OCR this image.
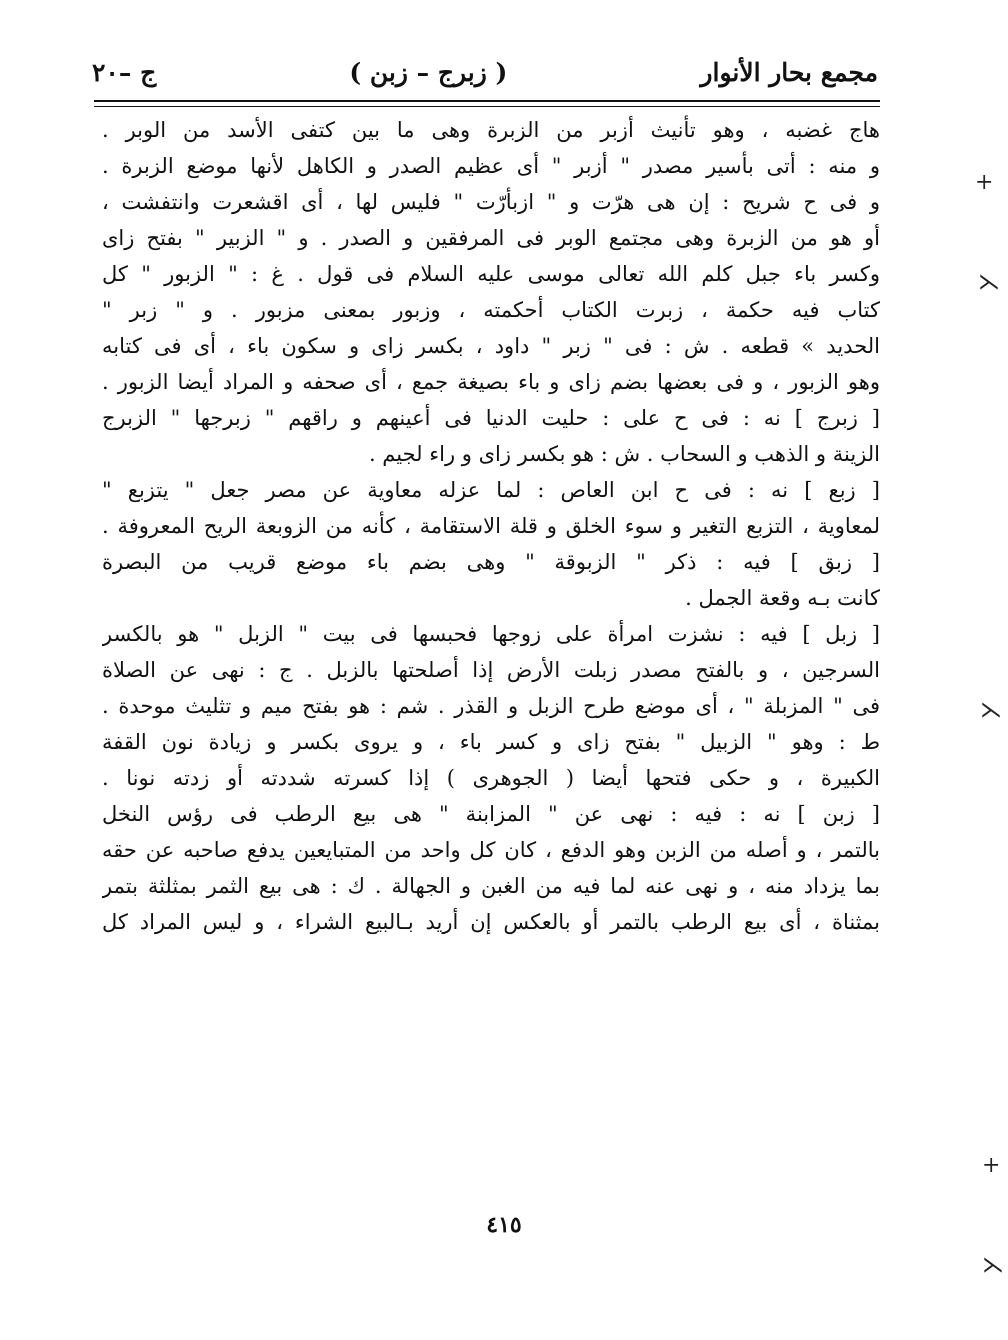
مجمع بحار الأنوار
( زبرج – زبن )
ج –٢٠
هاج غضبه ، وهو تأنيث أزبر من الزبرة وهى ما بين كتفى الأسد من الوبر .
و منه : أتى بأسير مصدر " أزبر " أى عظيم الصدر و الكاهل لأنها موضع الزبرة .
و فى ح شريح : إن هى هرّت و " ازبأرّت " فليس لها ، أى اقشعرت وانتفشت ،
أو هو من الزبرة وهى مجتمع الوبر فى المرفقين و الصدر . و " الزبير " بفتح زاى
وكسر باء جبل كلم الله تعالى موسى عليه السلام فى قول . غ : " الزبور " كل
كتاب فيه حكمة ، زبرت الكتاب أحكمته ، وزبور بمعنى مزبور . و " زبر "
الحديد » قطعه . ش : فى " زبر " داود ، بكسر زاى و سكون باء ، أى فى كتابه
وهو الزبور ، و فى بعضها بضم زاى و باء بصيغة جمع ، أى صحفه و المراد أيضا الزبور .
[ زبرج ] نه : فى ح على : حليت الدنيا فى أعينهم و راقهم " زبرجها " الزبرج
الزينة و الذهب و السحاب . ش : هو بكسر زاى و راء لجيم .
[ زبع ] نه : فى ح ابن العاص : لما عزله معاوية عن مصر جعل " يتزبع "
لمعاوية ، التزبع التغير و سوء الخلق و قلة الاستقامة ، كأنه من الزوبعة الريح المعروفة .
[ زبق ] فيه : ذكر " الزبوقة " وهى بضم باء موضع قريب من البصرة
كانت بـه وقعة الجمل .
[ زبل ] فيه : نشزت امرأة على زوجها فحبسها فى بيت " الزبل " هو بالكسر
السرجين ، و بالفتح مصدر زبلت الأرض إذا أصلحتها بالزبل . ج : نهى عن الصلاة
فى " المزبلة " ، أى موضع طرح الزبل و القذر . شم : هو بفتح ميم و تثليث موحدة .
ط : وهو " الزبيل " بفتح زاى و كسر باء ، و يروى بكسر و زيادة نون القفة
الكبيرة ، و حكى فتحها أيضا ( الجوهرى ) إذا كسرته شددته أو زدته نونا .
[ زبن ] نه : فيه : نهى عن " المزابنة " هى بيع الرطب فى رؤس النخل
بالتمر ، و أصله من الزبن وهو الدفع ، كان كل واحد من المتبايعين يدفع صاحبه عن حقه
بما يزداد منه ، و نهى عنه لما فيه من الغبن و الجهالة . ك : هى بيع الثمر بمثلثة بتمر
بمثناة ، أى بيع الرطب بالتمر أو بالعكس إن أريد بـالبيع الشراء ، و ليس المراد كل
٤١٥
+
⋌
⋌
+
⋌
